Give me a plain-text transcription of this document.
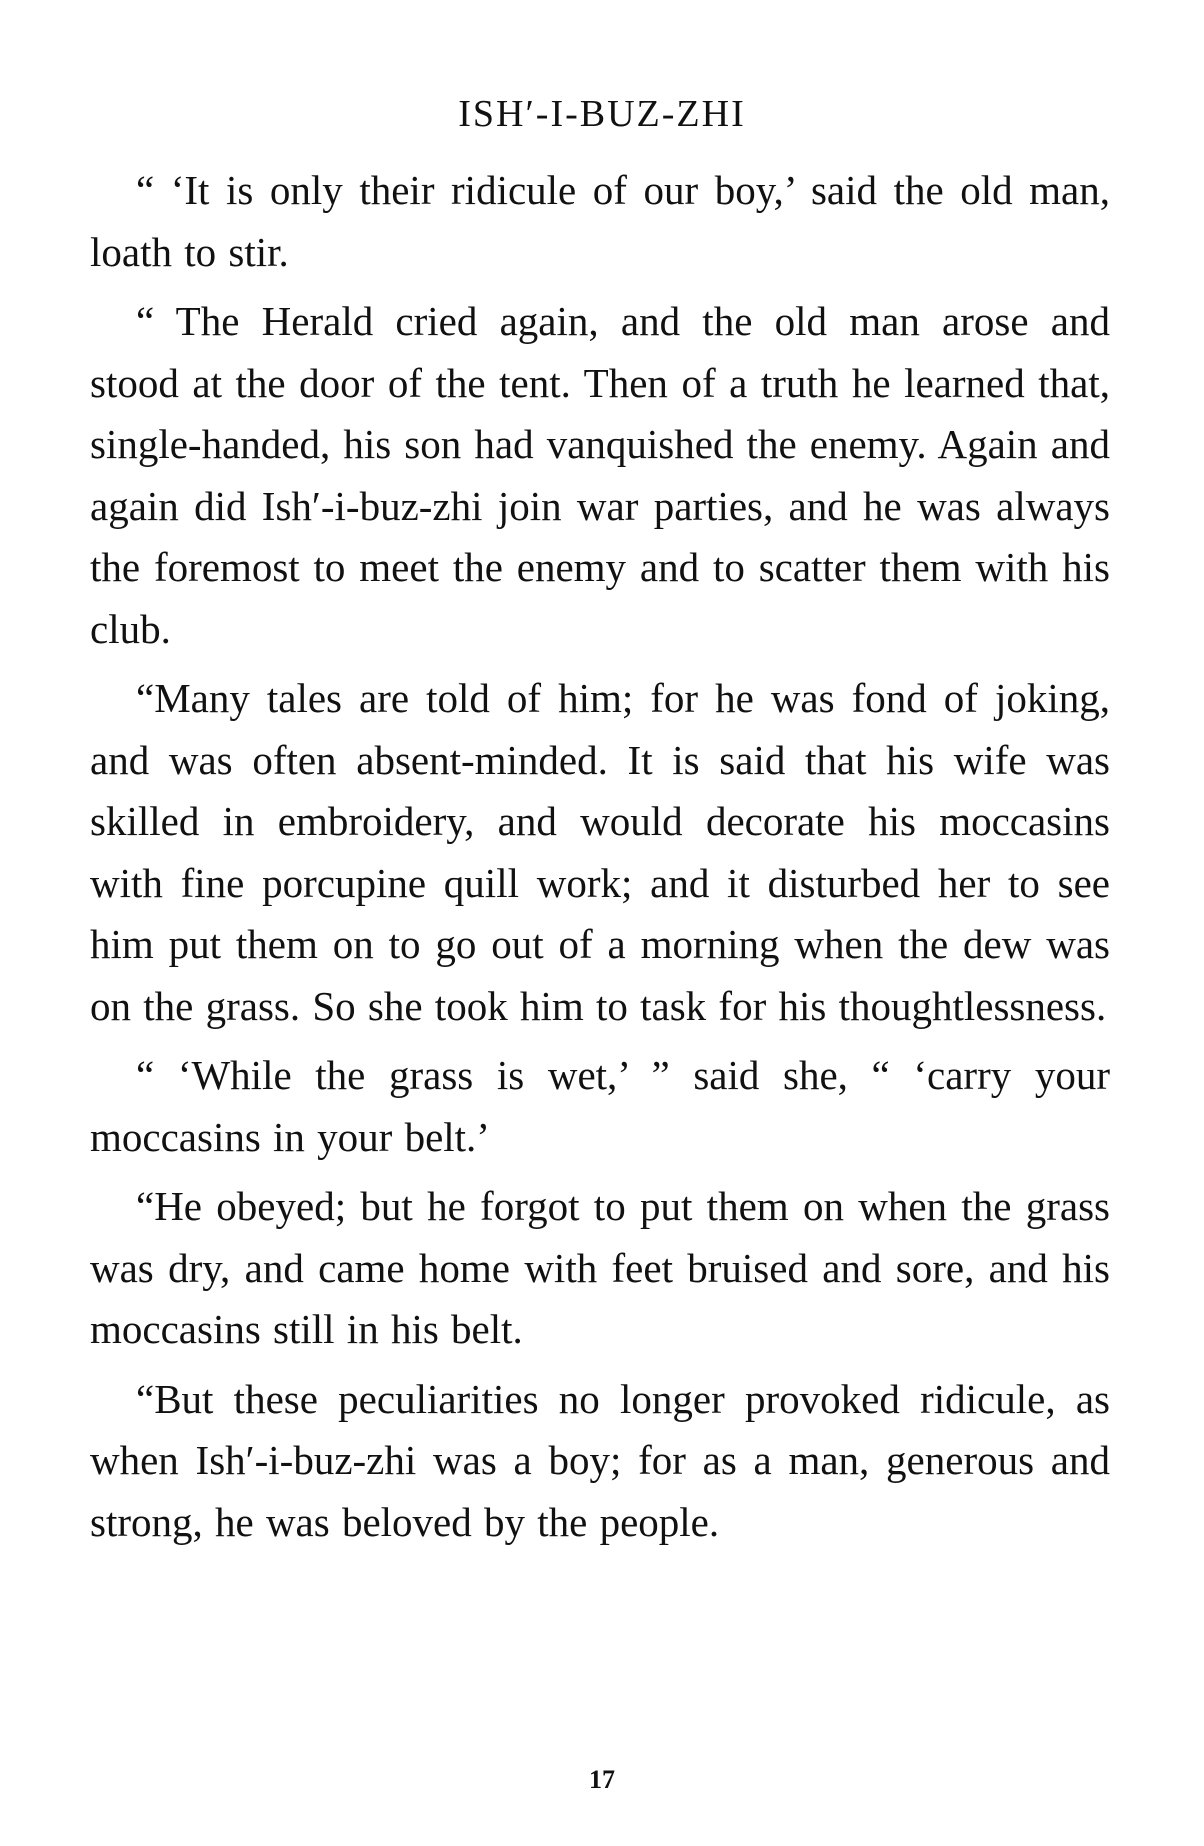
ISH′-I-BUZ-ZHI

“ ‘It is only their ridicule of our boy,’ said the old man, loath to stir.

“ The Herald cried again, and the old man arose and stood at the door of the tent. Then of a truth he learned that, single-handed, his son had vanquished the enemy. Again and again did Ish′-i-buz-zhi join war parties, and he was always the foremost to meet the enemy and to scatter them with his club.

“Many tales are told of him; for he was fond of joking, and was often absent-minded. It is said that his wife was skilled in embroidery, and would decorate his moccasins with fine porcupine quill work; and it disturbed her to see him put them on to go out of a morning when the dew was on the grass. So she took him to task for his thoughtlessness.

“ ‘While the grass is wet,’ ” said she, “ ‘carry your moccasins in your belt.’

“He obeyed; but he forgot to put them on when the grass was dry, and came home with feet bruised and sore, and his moccasins still in his belt.

“But these peculiarities no longer provoked ridicule, as when Ish′-i-buz-zhi was a boy; for as a man, generous and strong, he was beloved by the people.

17
